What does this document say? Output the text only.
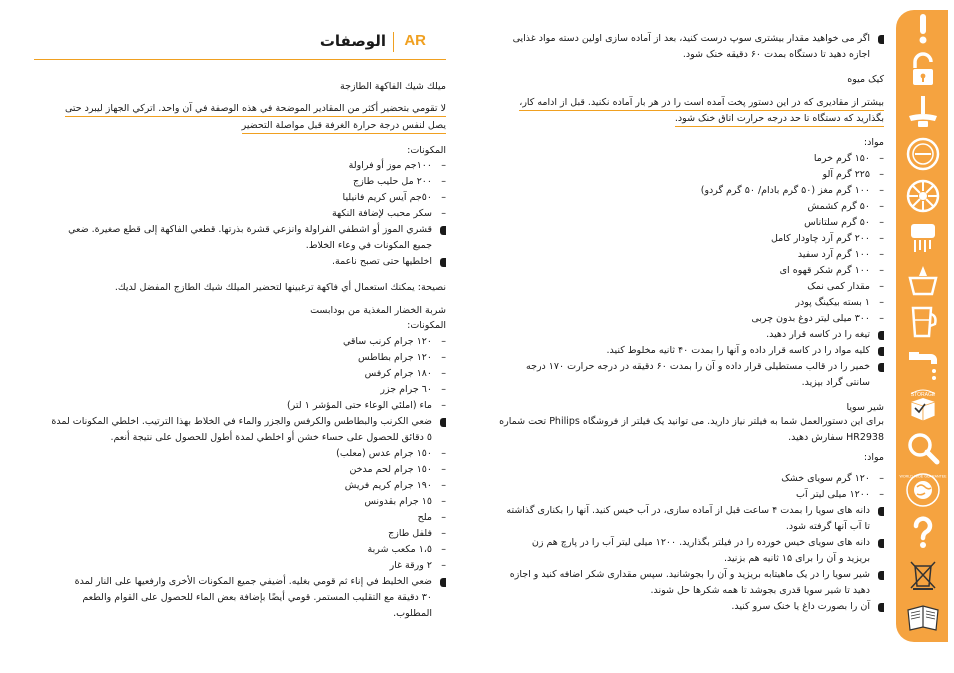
AR
الوصفات
ميلك شيك الفاكهة الطازجة
لا تقومي بتحضير أكثر من المقادير الموضحة في هذه الوصفة في آن واحد. اتركي الجهاز ليبرد حتى
يصل لنفس درجة حرارة الغرفة قبل مواصلة التحضير
المكونات:
–
١٠٠جم موز أو فراولة
–
٢٠٠ مل حليب طازج
–
٥٠جم آيس كريم فانيليا
–
سكر محبب لإضافة النكهة
قشري الموز أو اشطفي الفراولة وانزعي قشرة بذرتها. قطعي الفاكهة إلى قطع صغيرة. ضعي
جميع المكونات في وعاء الخلاط.
اخلطيها حتى تصبح ناعمة.
نصيحة: يمكنك استعمال أي فاكهة ترغبينها لتحضير الميلك شيك الطازج المفضل لديك.
شربة الخضار المغذية من بودابست
المكونات:
–
١٢٠ جرام كرنب ساقي
–
١٢٠ جرام بطاطس
–
١٨٠ جرام كرفس
–
٦٠ جرام جزر
–
ماء (املئي الوعاء حتى المؤشر ١ لتر)
ضعي الكرنب والبطاطس والكرفس والجزر والماء في الخلاط بهذا الترتيب. اخلطي المكونات لمدة
٥ دقائق للحصول على حساء خشن أو اخلطي لمدة أطول للحصول على نتيجة أنعم.
–
١٥٠ جرام عدس (معلب)
–
١٥٠ جرام لحم مدخن
–
١٩٠ جرام كريم فريش
–
١٥ جرام بقدونس
–
ملح
–
فلفل طازج
–
١،٥ مكعب شربة
–
٢ ورقة غار
ضعي الخليط في إناء ثم قومي بغليه. أضيفي جميع المكونات الأخرى وارفعيها على النار لمدة
٣٠ دقيقة مع التقليب المستمر. قومي أيضًا بإضافة بعض الماء للحصول على القوام والطعم
المطلوب.
اگر می خواهید مقدار بیشتری سوپ درست کنید، بعد از آماده سازی اولین دسته مواد غذایی
اجازه دهید تا دستگاه بمدت ۶۰ دقیقه خنک شود.
کیک میوه
بیشتر از مقادیری که در این دستور پخت آمده است را در هر بار آماده نکنید. قبل از ادامه کار،
بگذارید که دستگاه تا حد درجه حرارت اتاق خنک شود.
مواد:
–
۱۵۰ گرم خرما
–
۲۲۵ گرم آلو
–
۱۰۰ گرم مغز (۵۰ گرم بادام/ ۵۰ گرم گردو)
–
۵۰ گرم کشمش
–
۵۰ گرم سلتاناس
–
۲۰۰ گرم آرد چاودار کامل
–
۱۰۰ گرم آرد سفید
–
۱۰۰ گرم شکر قهوه ای
–
مقدار کمی نمک
–
۱ بسته بیکینگ پودر
–
۳۰۰ میلی لیتر دوغ بدون چربی
تیغه را در کاسه قرار دهید.
کلیه مواد را در کاسه قرار داده و آنها را بمدت ۴۰ ثانیه مخلوط کنید.
خمیر را در قالب مستطیلی قرار داده و آن را بمدت ۶۰ دقیقه در درجه حرارت ۱۷۰ درجه
سانتی گراد بپزید.
شیر سویا
برای این دستورالعمل شما به فیلتر نیاز دارید. می توانید یک فیلتر از فروشگاه Philips تحت شماره
HR2938 سفارش دهید.
مواد:
–
۱۲۰ گرم سویای خشک
–
۱۲۰۰ میلی لیتر آب
دانه های سویا را بمدت ۴ ساعت قبل از آماده سازی، در آب خیس کنید. آنها را بکناری گذاشته
تا آب آنها گرفته شود.
دانه های سویای خیس خورده را در فیلتر بگذارید. ۱۲۰۰ میلی لیتر آب را در پارچ هم زن
بریزید و آن را برای ۱۵ ثانیه هم بزنید.
شیر سویا را در یک ماهیتابه بریزید و آن را بجوشانید. سپس مقداری شکر اضافه کنید و اجازه
دهید تا شیر سویا قدری بجوشد تا همه شکرها حل شوند.
آن را بصورت داغ یا خنک سرو کنید.
STORAGE
WORLD WIDE GUARANTEE
